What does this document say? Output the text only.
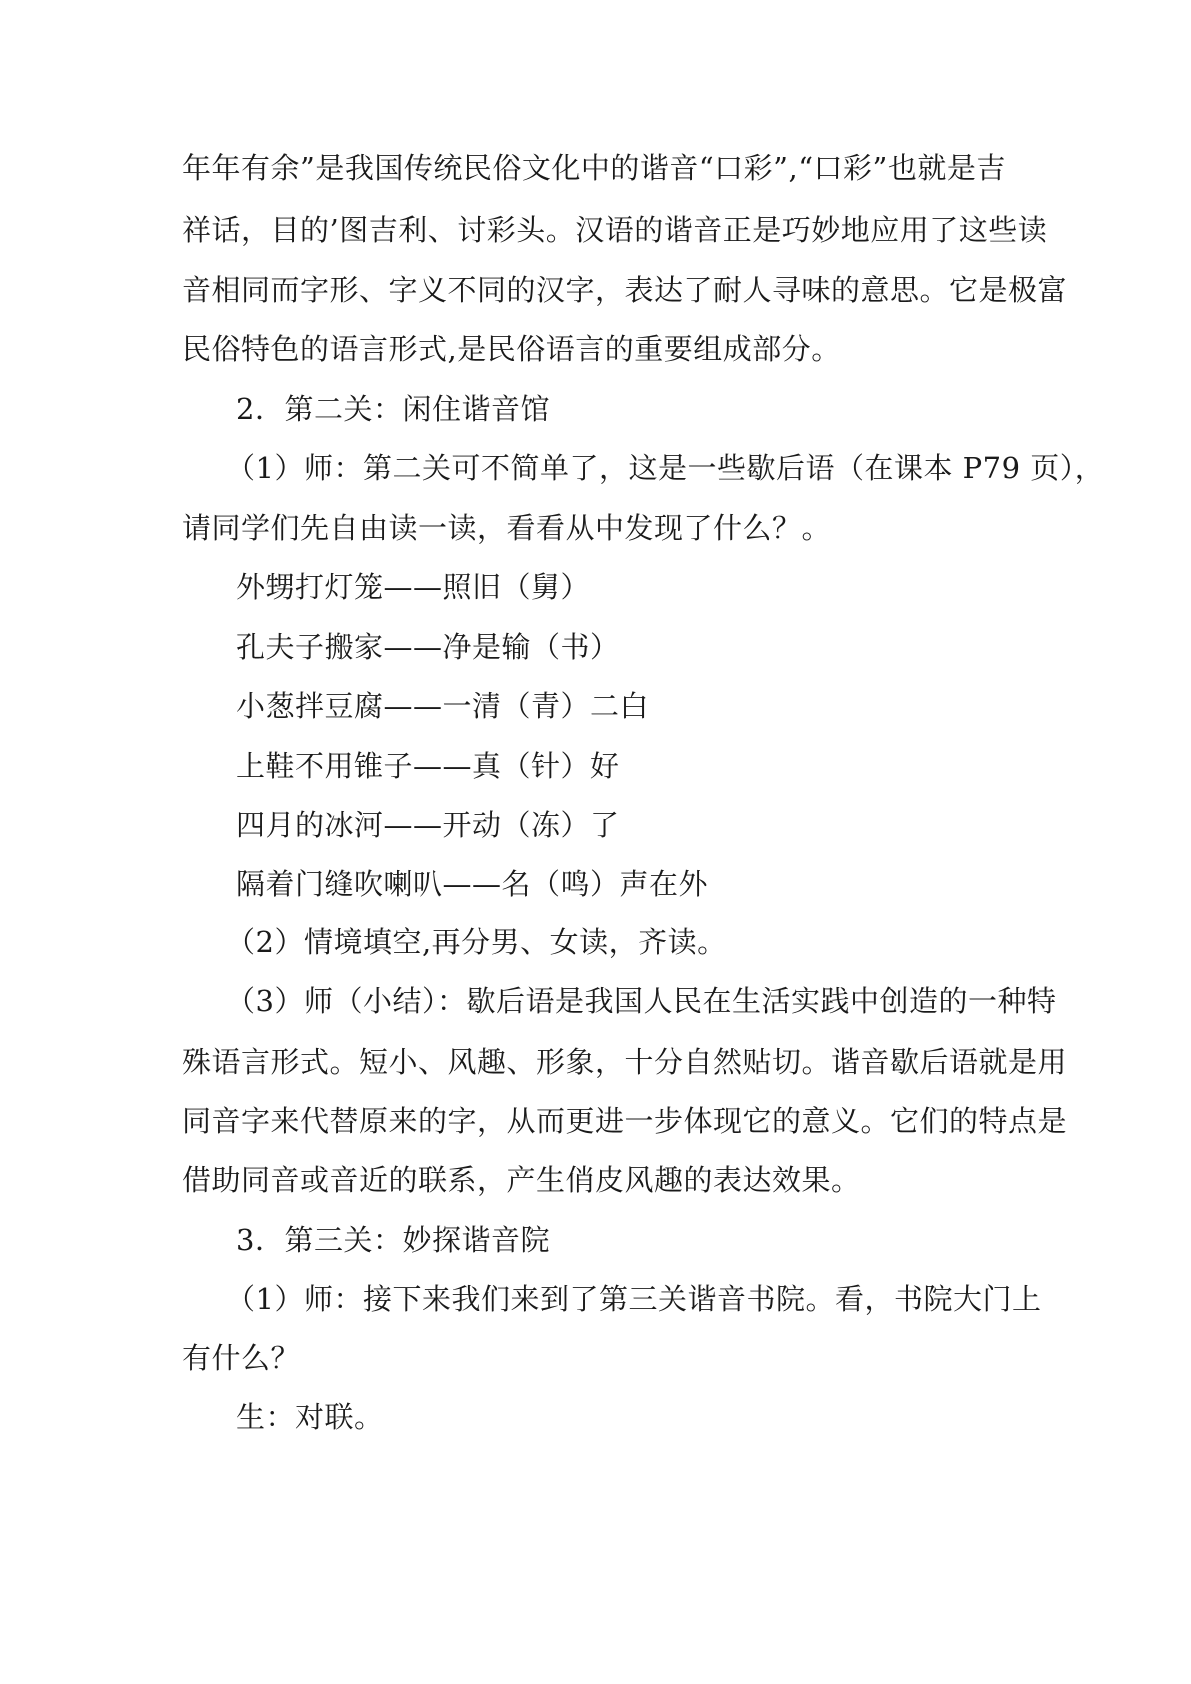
年年有余”是我国传统民俗文化中的谐音“口彩”,“口彩”也就是吉
祥话，目的’图吉利、讨彩头。汉语的谐音正是巧妙地应用了这些读
音相同而字形、字义不同的汉字，表达了耐人寻味的意思。它是极富
民俗特色的语言形式,是民俗语言的重要组成部分。
2．第二关：闲住谐音馆
（1）师：第二关可不简单了，这是一些歇后语（在课本 P79 页），
请同学们先自由读一读，看看从中发现了什么？。
外甥打灯笼——照旧（舅）
孔夫子搬家——净是输（书）
小葱拌豆腐——一清（青）二白
上鞋不用锥子——真（针）好
四月的冰河——开动（冻）了
隔着门缝吹喇叭——名（鸣）声在外
（2）情境填空,再分男、女读，齐读。
（3）师（小结）：歇后语是我国人民在生活实践中创造的一种特
殊语言形式。短小、风趣、形象，十分自然贴切。谐音歇后语就是用
同音字来代替原来的字，从而更进一步体现它的意义。它们的特点是
借助同音或音近的联系，产生俏皮风趣的表达效果。
3．第三关：妙探谐音院
（1）师：接下来我们来到了第三关谐音书院。看，书院大门上
有什么？
生：对联。
